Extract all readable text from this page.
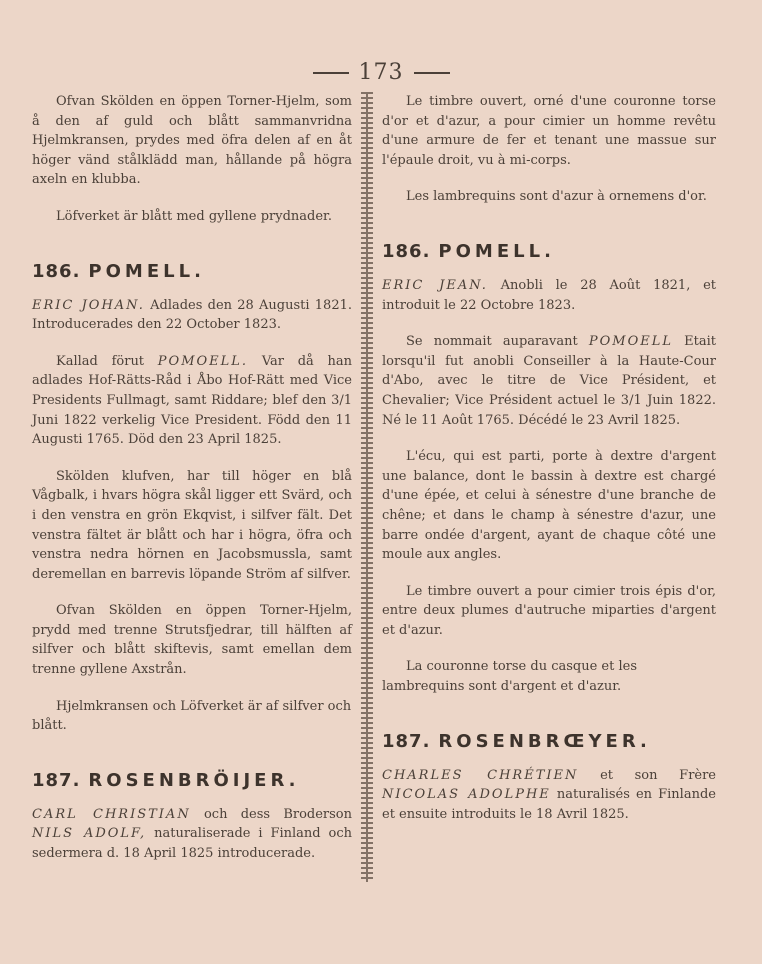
173

Ofvan Skölden en öppen Torner-Hjelm, som å den af guld och blått sammanvridna Hjelmkransen, prydes med öfra delen af en åt höger vänd stålklädd man, hållande på högra axeln en klubba.

Löfverket är blått med gyllene prydnader.

186. POMELL.

ERIC JOHAN. Adlades den 28 Augusti 1821. Introducerades den 22 October 1823.

Kallad förut POMOELL. Var då han adlades Hof-Rätts-Råd i Åbo Hof-Rätt med Vice Presidents Fullmagt, samt Riddare; blef den 3/1 Juni 1822 verkelig Vice President. Född den 11 Augusti 1765. Död den 23 April 1825.

Skölden klufven, har till höger en blå Vågbalk, i hvars högra skål ligger ett Svärd, och i den venstra en grön Ekqvist, i silfver fält. Det venstra fältet är blått och har i högra, öfra och venstra nedra hörnen en Jacobsmussla, samt deremellan en barrevis löpande Ström af silfver.

Ofvan Skölden en öppen Torner-Hjelm, prydd med trenne Strutsfjedrar, till hälften af silfver och blått skiftevis, samt emellan dem trenne gyllene Axstrån.

Hjelmkransen och Löfverket är af silfver och blått.

187. ROSENBRÖIJER.

CARL CHRISTIAN och dess Broderson NILS ADOLF, naturaliserade i Finland och sedermera d. 18 April 1825 introducerade.

Le timbre ouvert, orné d'une couronne torse d'or et d'azur, a pour cimier un homme revêtu d'une armure de fer et tenant une massue sur l'épaule droit, vu à mi-corps.

Les lambrequins sont d'azur à ornemens d'or.

186. POMELL.

ERIC JEAN. Anobli le 28 Août 1821, et introduit le 22 Octobre 1823.

Se nommait auparavant POMOELL Etait lorsqu'il fut anobli Conseiller à la Haute-Cour d'Abo, avec le titre de Vice Président, et Chevalier; Vice Président actuel le 3/1 Juin 1822. Né le 11 Août 1765. Décédé le 23 Avril 1825.

L'écu, qui est parti, porte à dextre d'argent une balance, dont le bassin à dextre est chargé d'une épée, et celui à sénestre d'une branche de chêne; et dans le champ à sénestre d'azur, une barre ondée d'argent, ayant de chaque côté une moule aux angles.

Le timbre ouvert a pour cimier trois épis d'or, entre deux plumes d'autruche miparties d'argent et d'azur.

La couronne torse du casque et les lambrequins sont d'argent et d'azur.

187. ROSENBRŒYER.

CHARLES CHRÉTIEN et son Frère NICOLAS ADOLPHE naturalisés en Finlande et ensuite introduits le 18 Avril 1825.
